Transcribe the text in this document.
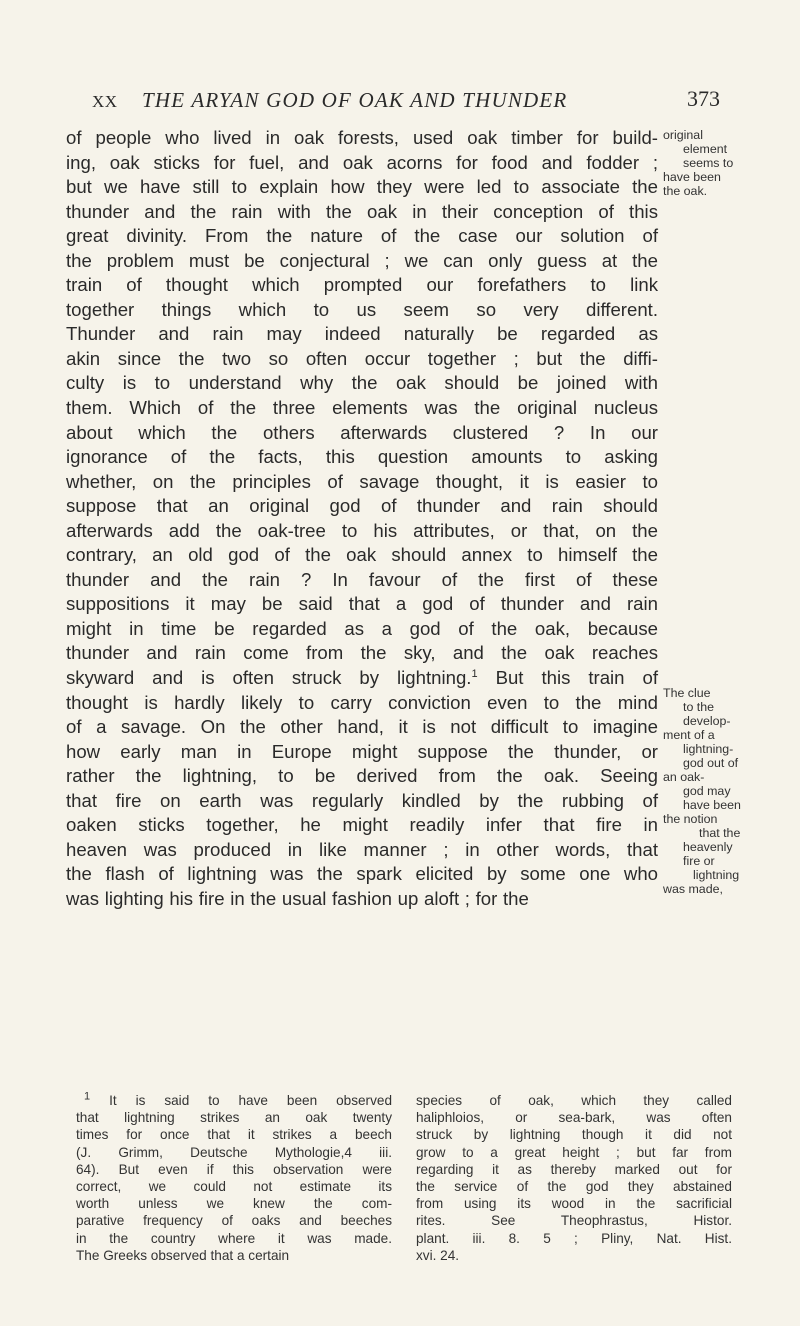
XX THE ARYAN GOD OF OAK AND THUNDER	373
of people who lived in oak forests, used oak timber for build-
ing, oak sticks for fuel, and oak acorns for food and fodder ;
but we have still to explain how they were led to associate the
thunder and the rain with the oak in their conception of this
great divinity. From the nature of the case our solution of
the problem must be conjectural ; we can only guess at the
train of thought which prompted our forefathers to link
together things which to us seem so very different.
Thunder and rain may indeed naturally be regarded as
akin since the two so often occur together ; but the diffi-
culty is to understand why the oak should be joined with
them. Which of the three elements was the original nucleus
about which the others afterwards clustered ? In our
ignorance of the facts, this question amounts to asking
whether, on the principles of savage thought, it is easier to
suppose that an original god of thunder and rain should
afterwards add the oak-tree to his attributes, or that, on the
contrary, an old god of the oak should annex to himself the
thunder and the rain ? In favour of the first of these
suppositions it may be said that a god of thunder and rain
might in time be regarded as a god of the oak, because
thunder and rain come from the sky, and the oak reaches
skyward and is often struck by lightning.$^1$ But this train of
thought is hardly likely to carry conviction even to the mind
of a savage. On the other hand, it is not difficult to imagine
how early man in Europe might suppose the thunder, or
rather the lightning, to be derived from the oak. Seeing
that fire on earth was regularly kindled by the rubbing of
oaken sticks together, he might readily infer that fire in
heaven was produced in like manner ; in other words, that
the flash of lightning was the spark elicited by some one who
was lighting his fire in the usual fashion up aloft ; for the
original
element
seems to
have been
the oak.
The clue
to the
develop-
ment of a
lightning-
god out of
an oak-
god may
have been
the notion
that the
heavenly
fire or
lightning
was made,
$^1$ It is said to have been observed
that lightning strikes an oak twenty
times for once that it strikes a beech
(J. Grimm, Deutsche Mythologie,4 iii.
64). But even if this observation were
correct, we could not estimate its
worth unless we knew the com-
parative frequency of oaks and beeches
in the country where it was made.
The Greeks observed that a certain
species of oak, which they called
haliphloios, or sea-bark, was often
struck by lightning though it did not
grow to a great height ; but far from
regarding it as thereby marked out for
the service of the god they abstained
from using its wood in the sacrificial
rites. See Theophrastus, Histor.
plant. iii. 8. 5 ; Pliny, Nat. Hist.
xvi. 24.
